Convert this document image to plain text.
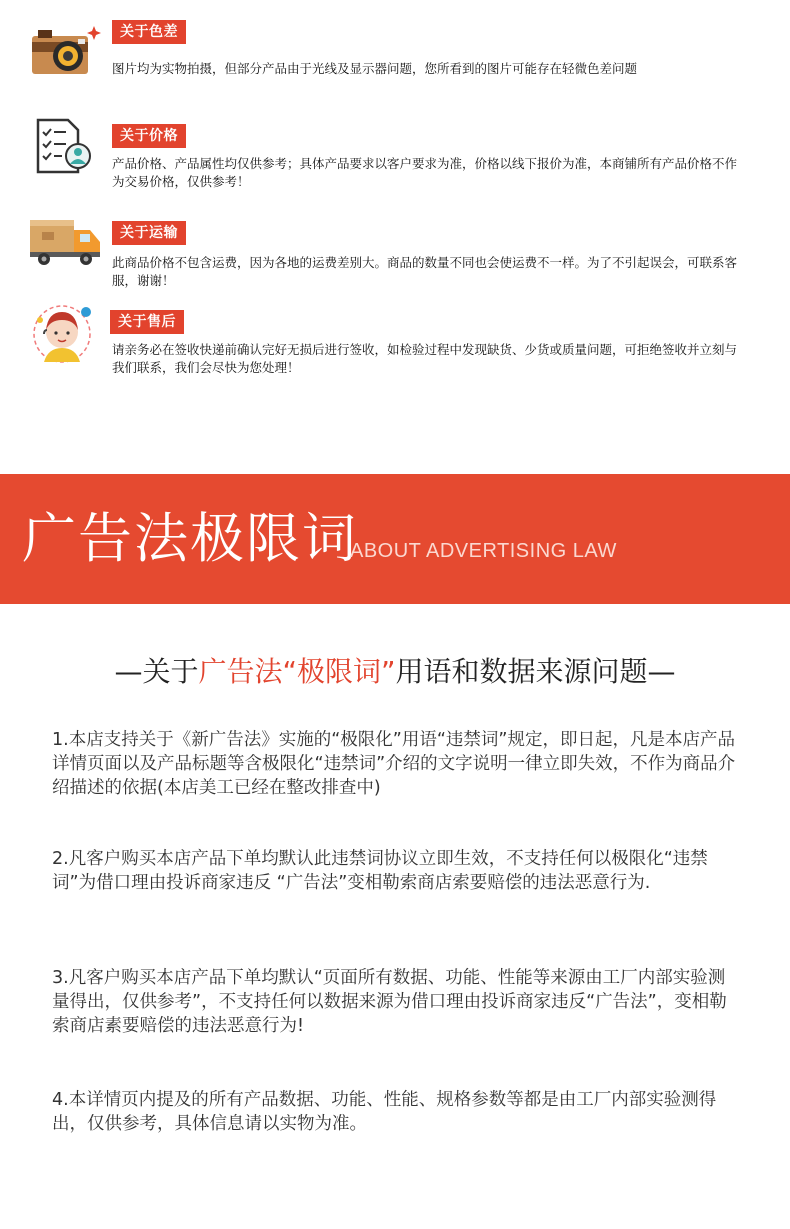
关于色差
图片均为实物拍摄，但部分产品由于光线及显示器问题，您所看到的图片可能存在轻微色差问题
关于价格
产品价格、产品属性均仅供参考；具体产品要求以客户要求为准，价格以线下报价为准，本商铺所有产品价格不作为交易价格，仅供参考！
关于运输
此商品价格不包含运费，因为各地的运费差别大。商品的数量不同也会使运费不一样。为了不引起误会，可联系客服，谢谢！
关于售后
请亲务必在签收快递前确认完好无损后进行签收，如检验过程中发现缺货、少货或质量问题，可拒绝签收并立刻与我们联系，我们会尽快为您处理！
广告法极限词
ABOUT ADVERTISING LAW
—关于广告法“极限词”用语和数据来源问题—
1.本店支持关于《新广告法》实施的“极限化”用语“违禁词”规定，即日起，凡是本店产品详情页面以及产品标题等含极限化“违禁词”介绍的文字说明一律立即失效，不作为商品介绍描述的依据(本店美工已经在整改排查中)
2.凡客户购买本店产品下单均默认此违禁词协议立即生效，不支持任何以极限化“违禁词”为借口理由投诉商家违反 “广告法”变相勒索商店索要赔偿的违法恶意行为.
3.凡客户购买本店产品下单均默认“页面所有数据、功能、性能等来源由工厂内部实验测量得出，仅供参考”，不支持任何以数据来源为借口理由投诉商家违反“广告法”，变相勒索商店素要赔偿的违法恶意行为!
4.本详情页内提及的所有产品数据、功能、性能、规格参数等都是由工厂内部实验测得出，仅供参考，具体信息请以实物为准。
